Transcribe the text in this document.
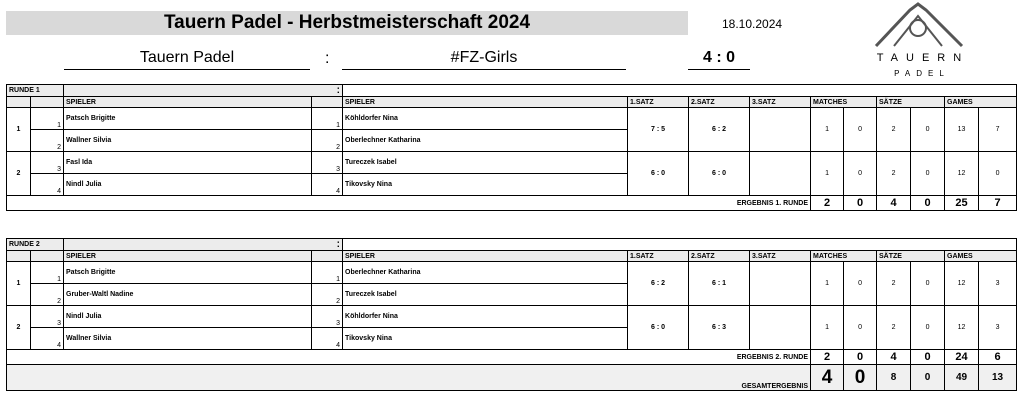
Tauern Padel - Herbstmeisterschaft 2024	18.10.2024
Tauern Padel	:	#FZ-Girls	4 : 0	TAUERN
PADEL
RUNDE 1		:											
		SPIELER		SPIELER	1.SATZ	2.SATZ	3.SATZ	MATCHES		SÄTZE		GAMES	
1	1	Patsch Brigitte	1	Köhldorfer Nina	7 : 5	6 : 2		1	0	2	0	13	7
	2	Wallner Silvia	2	Oberlechner Katharina									
2	3	Fasl Ida	3	Tureczek Isabel	6 : 0	6 : 0		1	0	2	0	12	0
	4	Nindl Julia	4	Tikovsky Nina									
ERGEBNIS 1. RUNDE								2	0	4	0	25	7
RUNDE 2		:											
		SPIELER		SPIELER	1.SATZ	2.SATZ	3.SATZ	MATCHES		SÄTZE		GAMES	
1	1	Patsch Brigitte	1	Oberlechner Katharina	6 : 2	6 : 1		1	0	2	0	12	3
	2	Gruber-Waltl Nadine	2	Tureczek Isabel									
2	3	Nindl Julia	3	Köhldorfer Nina	6 : 0	6 : 3		1	0	2	0	12	3
	4	Wallner Silvia	4	Tikovsky Nina									
ERGEBNIS 2. RUNDE								2	0	4	0	24	6
GESAMTERGEBNIS								4	0	8	0	49	13
